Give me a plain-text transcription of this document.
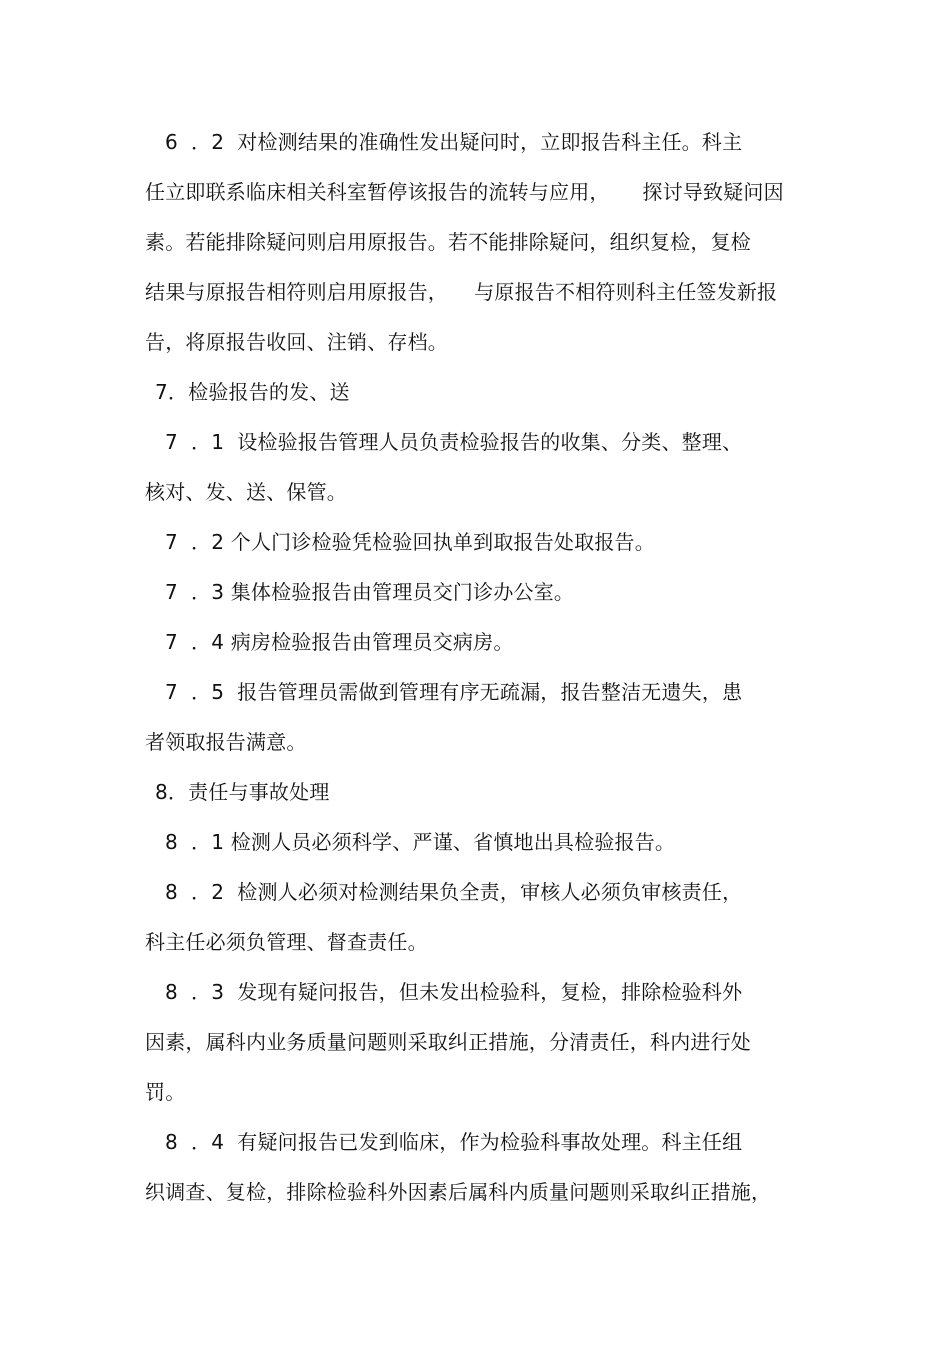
6  ．2  对检测结果的准确性发出疑问时，立即报告科主任。科主
任立即联系临床相关科室暂停该报告的流转与应用，     探讨导致疑问因
素。若能排除疑问则启用原报告。若不能排除疑问，组织复检，复检
结果与原报告相符则启用原报告，    与原报告不相符则科主任签发新报
告，将原报告收回、注销、存档。
7．检验报告的发、送
7  ．1  设检验报告管理人员负责检验报告的收集、分类、整理、
核对、发、送、保管。
7  ．2 个人门诊检验凭检验回执单到取报告处取报告。
7  ．3 集体检验报告由管理员交门诊办公室。
7  ．4 病房检验报告由管理员交病房。
7  ．5  报告管理员需做到管理有序无疏漏，报告整洁无遗失，患
者领取报告满意。
8．责任与事故处理
8  ．1 检测人员必须科学、严谨、省慎地出具检验报告。
8  ．2  检测人必须对检测结果负全责，审核人必须负审核责任，
科主任必须负管理、督查责任。
8  ．3  发现有疑问报告，但未发出检验科，复检，排除检验科外
因素，属科内业务质量问题则采取纠正措施，分清责任，科内进行处
罚。
8  ．4  有疑问报告已发到临床，作为检验科事故处理。科主任组
织调查、复检，排除检验科外因素后属科内质量问题则采取纠正措施，
